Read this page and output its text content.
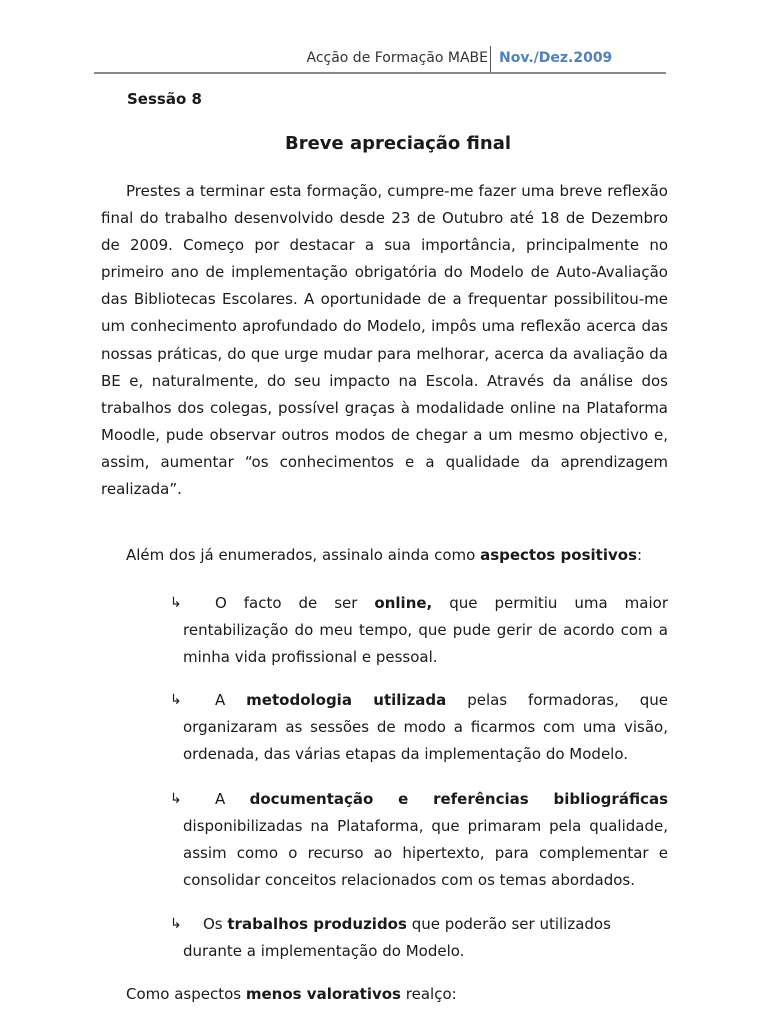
Acção de Formação MABE Nov./Dez.2009
Sessão 8
Breve apreciação final

Prestes a terminar esta formação, cumpre-me fazer uma breve reflexão final do trabalho desenvolvido desde 23 de Outubro até 18 de Dezembro de 2009. Começo por destacar a sua importância, principalmente no primeiro ano de implementação obrigatória do Modelo de Auto-Avaliação das Bibliotecas Escolares. A oportunidade de a frequentar possibilitou-me um conhecimento aprofundado do Modelo, impôs uma reflexão acerca das nossas práticas, do que urge mudar para melhorar, acerca da avaliação da BE e, naturalmente, do seu impacto na Escola. Através da análise dos trabalhos dos colegas, possível graças à modalidade online na Plataforma Moodle, pude observar outros modos de chegar a um mesmo objectivo e, assim, aumentar “os conhecimentos e a qualidade da aprendizagem realizada”.

Além dos já enumerados, assinalo ainda como aspectos positivos:

↳	O facto de ser online, que permitiu uma maior rentabilização do meu tempo, que pude gerir de acordo com a minha vida profissional e pessoal.

↳	A metodologia utilizada pelas formadoras, que organizaram as sessões de modo a ficarmos com uma visão, ordenada, das várias etapas da implementação do Modelo.

↳	A documentação e referências bibliográficas disponibilizadas na Plataforma, que primaram pela qualidade, assim como o recurso ao hipertexto, para complementar e consolidar conceitos relacionados com os temas abordados.

↳	Os trabalhos produzidos que poderão ser utilizados durante a implementação do Modelo.

Como aspectos menos valorativos realço:
